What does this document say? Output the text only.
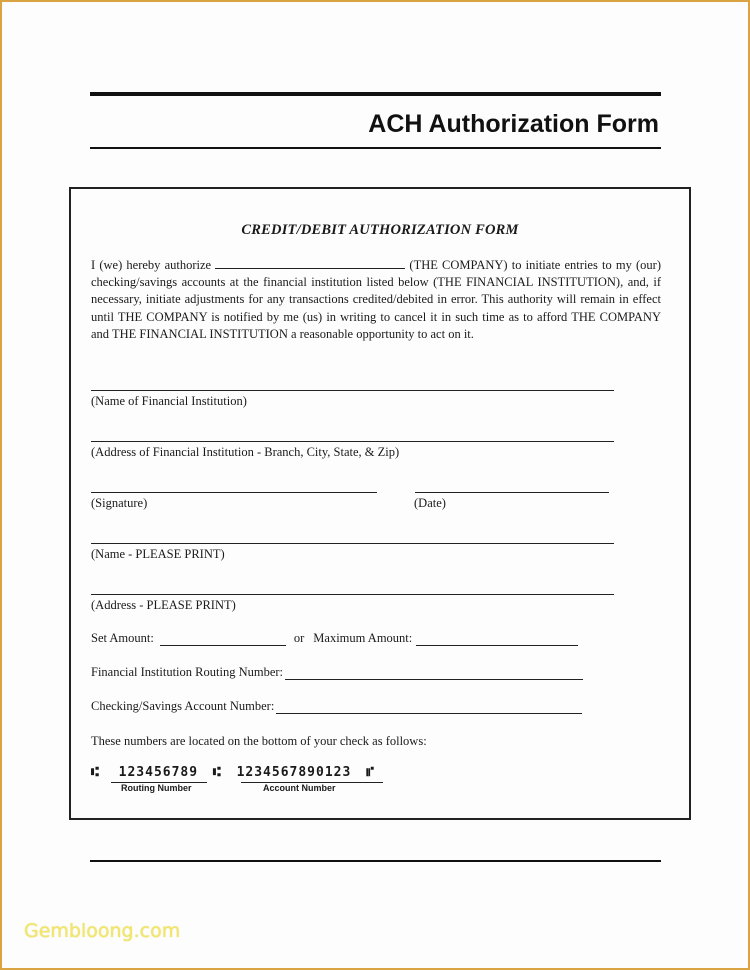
ACH Authorization Form
CREDIT/DEBIT AUTHORIZATION FORM
I (we) hereby authorize	(THE COMPANY) to initiate entries to my (our) checking/savings accounts at the financial institution listed below (THE FINANCIAL INSTITUTION), and, if necessary, initiate adjustments for any transactions credited/debited in error. This authority will remain in effect until THE COMPANY is notified by me (us) in writing to cancel it in such time as to afford THE COMPANY and THE FINANCIAL INSTITUTION a reasonable opportunity to act on it.
(Name of Financial Institution)
(Address of Financial Institution - Branch, City, State, & Zip)
(Signature)	(Date)
(Name - PLEASE PRINT)
(Address - PLEASE PRINT)
Set Amount:	or Maximum Amount:
Financial Institution Routing Number:
Checking/Savings Account Number:
These numbers are located on the bottom of your check as follows:
⑆ 123456789 ⑆ 1234567890123 ⑈
Routing Number	Account Number
Gembloong.com
